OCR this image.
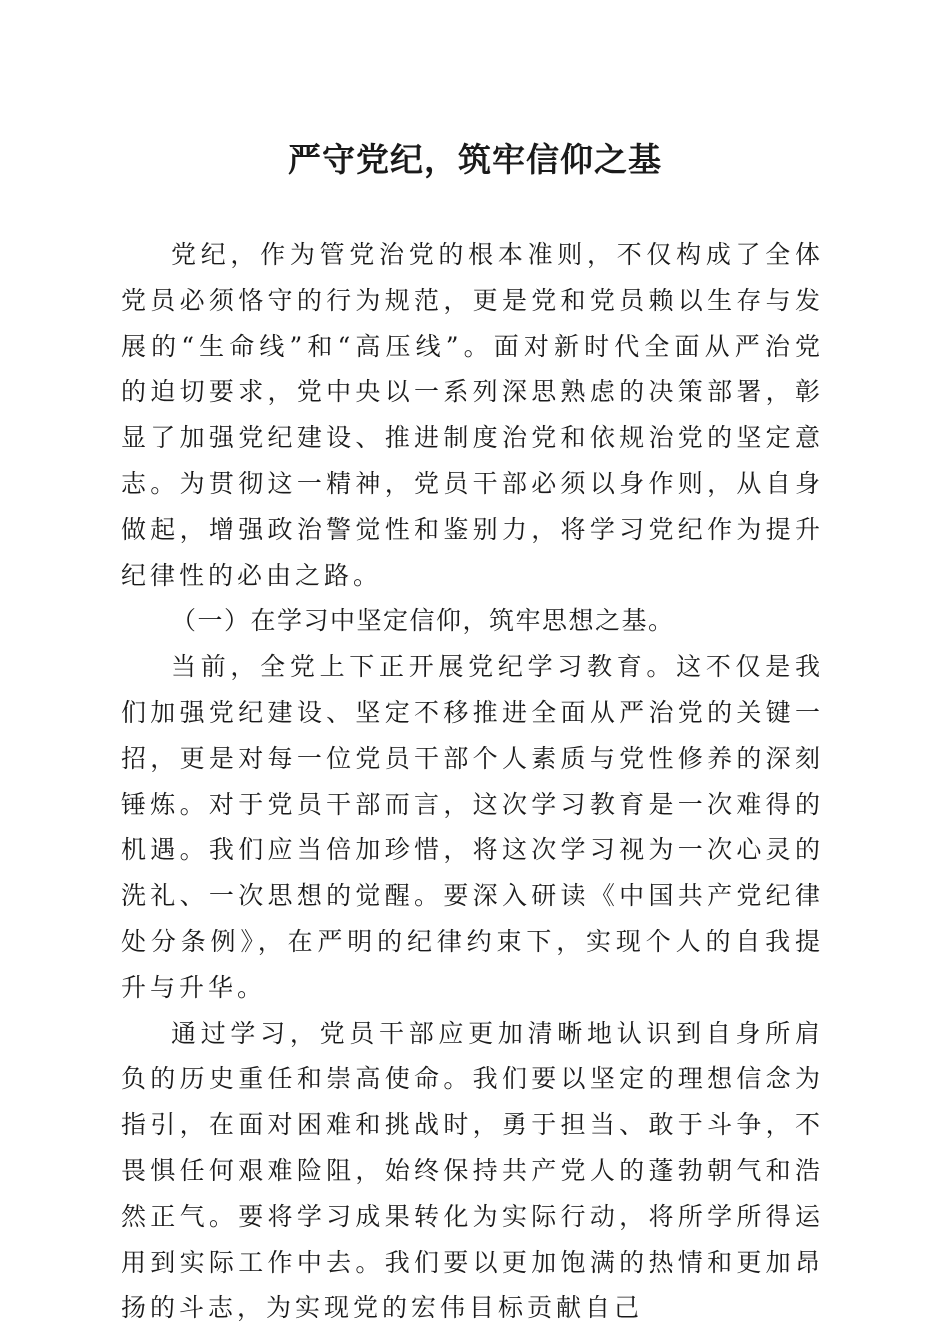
严守党纪，筑牢信仰之基

党纪，作为管党治党的根本准则，不仅构成了全体党员必须恪守的行为规范，更是党和党员赖以生存与发展的“生命线”和“高压线”。面对新时代全面从严治党的迫切要求，党中央以一系列深思熟虑的决策部署，彰显了加强党纪建设、推进制度治党和依规治党的坚定意志。为贯彻这一精神，党员干部必须以身作则，从自身做起，增强政治警觉性和鉴别力，将学习党纪作为提升纪律性的必由之路。

（一）在学习中坚定信仰，筑牢思想之基。

当前，全党上下正开展党纪学习教育。这不仅是我们加强党纪建设、坚定不移推进全面从严治党的关键一招，更是对每一位党员干部个人素质与党性修养的深刻锤炼。对于党员干部而言，这次学习教育是一次难得的机遇。我们应当倍加珍惜，将这次学习视为一次心灵的洗礼、一次思想的觉醒。要深入研读《中国共产党纪律处分条例》，在严明的纪律约束下，实现个人的自我提升与升华。

通过学习，党员干部应更加清晰地认识到自身所肩负的历史重任和崇高使命。我们要以坚定的理想信念为指引，在面对困难和挑战时，勇于担当、敢于斗争，不畏惧任何艰难险阻，始终保持共产党人的蓬勃朝气和浩然正气。要将学习成果转化为实际行动，将所学所得运用到实际工作中去。我们要以更加饱满的热情和更加昂扬的斗志，为实现党的宏伟目标贡献自己
